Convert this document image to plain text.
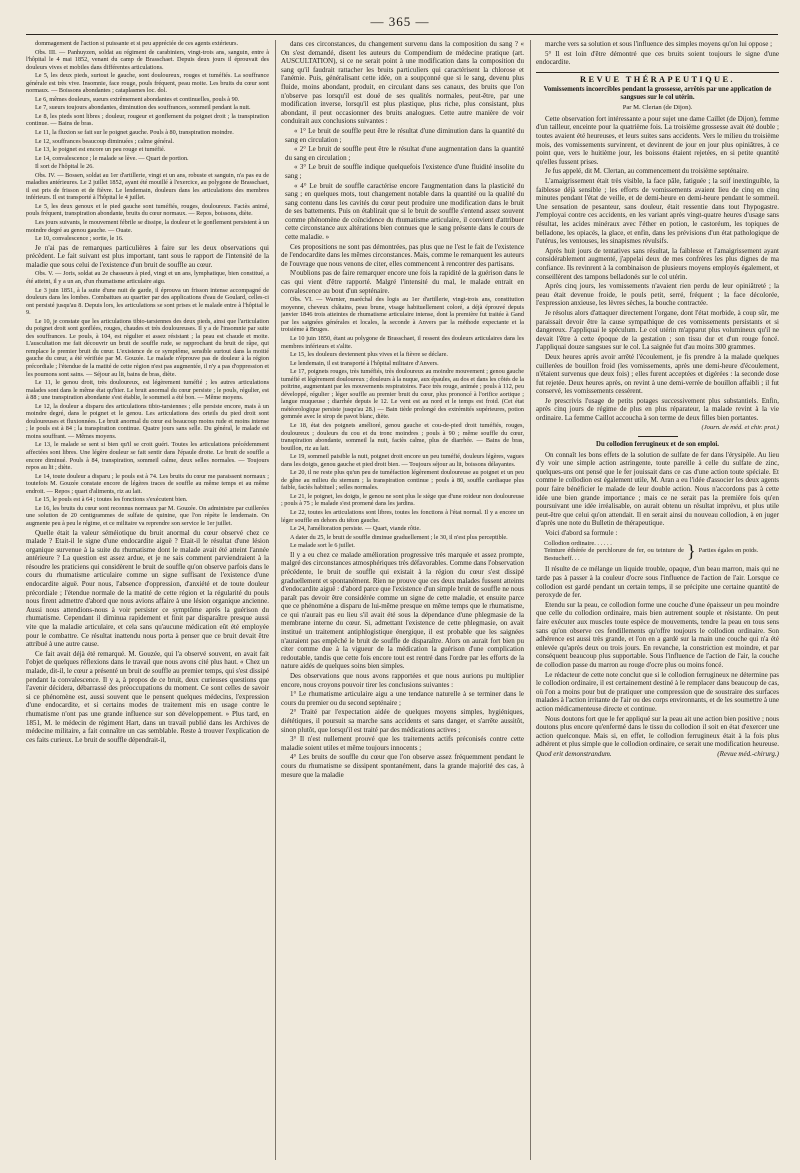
— 365 —

dommagement de l'action si puissante et si peu appréciée de ces agents extérieurs.

Obs. III. — Panhuyzen, soldat au régiment de carabiniers, vingt-trois ans, sanguin, entre à l'hôpital le 4 mai 1852, venant du camp de Brasschaet. Depuis deux jours il éprouvait des douleurs vives et mobiles dans différentes articulations.

Le 5, les deux pieds, surtout le gauche, sont douloureux, rouges et tuméfiés. La souffrance générale est très vive. Insomnie, face rouge, pouls fréquent, peau moite. Les bruits du cœur sont normaux. — Boissons abondantes ; cataplasmes loc. dol.

Le 6, mêmes douleurs, sueurs extrêmement abondantes et continuelles, pouls à 90.

Le 7, sueurs toujours abondantes, diminution des souffrances, sommeil pendant la nuit.

Le 8, les pieds sont libres ; douleur, rougeur et gonflement du poignet droit ; la transpiration continue. — Bains de bras.

Le 11, la fluxion se fait sur le poignet gauche. Pouls à 80, transpiration moindre.

Le 12, souffrances beaucoup diminuées ; calme général.

Le 13, le poignet est encore un peu rouge et tuméfié.

Le 14, convalescence ; le malade se lève. — Quart de portion.

Il sort de l'hôpital le 26.

Obs. IV. — Bossen, soldat au 1er d'artillerie, vingt et un ans, robuste et sanguin, n'a pas eu de maladies antérieures. Le 2 juillet 1852, ayant été mouillé à l'exercice, au polygone de Brasschaet, il est pris de frisson et de fièvre. Le lendemain, douleurs dans les articulations des membres inférieurs. Il est transporté à l'hôpital le 4 juillet.

Le 5, les deux genoux et le pied gauche sont tuméfiés, rouges, douloureux. Faciès animé, pouls fréquent, transpiration abondante, bruits du cœur normaux. — Repos, boissons, diète.

Les jours suivants, le mouvement fébrile se dissipe, la douleur et le gonflement persistent à un moindre degré au genou gauche. — Ouate.

Le 10, convalescence ; sortie, le 16.

Je n'ai pas de remarques particulières à faire sur les deux observations qui précèdent. Le fait suivant est plus important, tant sous le rapport de l'intensité de la maladie que sous celui de l'existence d'un bruit de souffle au cœur.

Obs. V. — Joris, soldat au 2e chasseurs à pied, vingt et un ans, lymphatique, bien constitué, a été atteint, il y a un an, d'un rhumatisme articulaire aigu.

Le 3 juin 1851, à la suite d'une nuit de garde, il éprouva un frisson intense accompagné de douleurs dans les lombes. Combattues au quartier par des applications d'eau de Goulard, celles-ci ont persisté jusqu'au 8. Depuis lors, les articulations se sont prises et le malade entre à l'hôpital le 9.

Le 10, je constate que les articulations tibio-tarsiennes des deux pieds, ainsi que l'articulation du poignet droit sont gonflées, rouges, chaudes et très douloureuses. Il y a de l'insomnie par suite des souffrances. Le pouls, à 104, est régulier et assez résistant ; la peau est chaude et moite. L'auscultation me fait découvrir un bruit de souffle rude, se rapprochant du bruit de râpe, qui remplace le premier bruit du cœur. L'existence de ce symptôme, sensible surtout dans la moitié gauche du cœur, a été vérifiée par M. Gouzée. Le malade n'éprouve pas de douleur à la région précordiale ; l'étendue de la matité de cette région n'est pas augmentée, il n'y a pas d'oppression et les poumons sont sains. — Séjour au lit, bains de bras, diète.

Le 11, le genou droit, très douloureux, est légèrement tuméfié ; les autres articulations malades sont dans le même état qu'hier. Le bruit anormal du cœur persiste ; le pouls, régulier, est à 88 ; une transpiration abondante s'est établie, le sommeil a été bon. — Même moyens.

Le 12, la douleur a disparu des articulations tibio-tarsiennes ; elle persiste encore, mais à un moindre degré, dans le poignet et le genou. Les articulations des orteils du pied droit sont douloureuses et fluxionnées. Le bruit anormal du cœur est beaucoup moins rude et moins intense ; le pouls est à 84 ; la transpiration continue. Quatre jours sans selle. Du général, le malade est moins souffrant. — Mêmes moyens.

Le 13, le malade se sent si bien qu'il se croit guéri. Toutes les articulations précédemment affectées sont libres. Une légère douleur se fait sentir dans l'épaule droite. Le bruit de souffle a encore diminué. Pouls à 84, transpiration, sommeil calme, deux selles normales. — Toujours repos au lit ; diète.

Le 14, toute douleur a disparu ; le pouls est à 74. Les bruits du cœur me paraissent normaux ; toutefois M. Gouzée constate encore de légères traces de souffle au même temps et au même endroit. — Repos ; quart d'aliments, riz au lait.

Le 15, le pouls est à 64 ; toutes les fonctions s'exécutent bien.

Le 16, les bruits du cœur sont reconnus normaux par M. Gouzée. On administre par cuillerées une solution de 20 centigrammes de sulfate de quinine, que l'on répète le lendemain. On augmente peu à peu le régime, et ce militaire va reprendre son service le 1er juillet.

Quelle était la valeur séméiotique du bruit anormal du cœur observé chez ce malade ? Etait-il le signe d'une endocardite aiguë ? Etait-il le résultat d'une lésion organique survenue à la suite du rhumatisme dont le malade avait été atteint l'année antérieure ? La question est assez ardue, et je ne sais comment parviendraient à la résoudre les praticiens qui considèrent le bruit de souffle qu'on observe parfois dans le cours du rhumatisme articulaire comme un signe suffisant de l'existence d'une endocardite aiguë. Pour nous, l'absence d'oppression, d'anxiété et de toute douleur précordiale ; l'étendue normale de la matité de cette région et la régularité du pouls nous firent admettre d'abord que nous avions affaire à une lésion organique ancienne. Aussi nous attendions-nous à voir persister ce symptôme après la guérison du rhumatisme. Cependant il diminua rapidement et finit par disparaître presque aussi vite que la maladie articulaire, et cela sans qu'aucune médication eût été employée pour le combattre. Ce résultat inattendu nous porta à penser que ce bruit devait être attribué à une autre cause.

Ce fait avait déjà été remarqué. M. Gouzée, qui l'a observé souvent, en avait fait l'objet de quelques réflexions dans le travail que nous avons cité plus haut. « Chez un malade, dit-il, le cœur a présenté un bruit de souffle au premier temps, qui s'est dissipé pendant la convalescence. Il y a, à propos de ce bruit, deux curieuses questions que l'avenir décidera, débarrassé des préoccupations du moment. Ce sont celles de savoir si ce phénomène est, aussi souvent que le pensent quelques médecins, l'expression d'une endocardite, et si certains modes de traitement mis en usage contre le rhumatisme n'ont pas une grande influence sur son développement. » Plus tard, en 1851, M. le médecin de régiment Hart, dans un travail publié dans les Archives de médecine militaire, a fait connaître un cas semblable. Reste à trouver l'explication de ces faits curieux. Le bruit de souffle dépendrait-il,

dans ces circonstances, du changement survenu dans la composition du sang ? « On s'est demandé, disent les auteurs du Compendium de médecine pratique (art. AUSCULTATION), si ce ne serait point à une modification dans la composition du sang qu'il faudrait rattacher les bruits particuliers qui caractérisent la chlorose et l'anémie. Puis, généralisant cette idée, on a soupçonné que si le sang, devenu plus fluide, moins abondant, produit, en circulant dans ses canaux, des bruits que l'on n'observe pas lorsqu'il est doué de ses qualités normales, peut-être, par une modification inverse, lorsqu'il est plus plastique, plus riche, plus consistant, plus abondant, il peut occasionner des bruits analogues. Cette autre manière de voir conduirait aux conclusions suivantes :

« 1° Le bruit de souffle peut être le résultat d'une diminution dans la quantité du sang en circulation ;

« 2° Le bruit de souffle peut être le résultat d'une augmentation dans la quantité du sang en circulation ;

« 3° Le bruit de souffle indique quelquefois l'existence d'une fluidité insolite du sang ;

« 4° Le bruit de souffle caractérise encore l'augmentation dans la plasticité du sang ; en quelques mots, tout changement notable dans la quantité ou la qualité du sang contenu dans les cavités du cœur peut produire une modification dans le bruit de ses battements. Puis on établirait que si le bruit de souffle s'entend assez souvent comme phénomène de coïncidence du rhumatisme articulaire, il convient d'attribuer cette circonstance aux altérations bien connues que le sang présente dans le cours de cette maladie. »

Ces propositions ne sont pas démontrées, pas plus que ne l'est le fait de l'existence de l'endocardite dans les mêmes circonstances. Mais, comme le remarquent les auteurs de l'ouvrage que nous venons de citer, elles commencent à rencontrer des partisans.

N'oublions pas de faire remarquer encore une fois la rapidité de la guérison dans le cas qui vient d'être rapporté. Malgré l'intensité du mal, le malade entrait en convalescence au bout d'un septénaire.

Obs. VI. — Warnier, maréchal des logis au 1er d'artillerie, vingt-trois ans, constitution moyenne, cheveux châtains, peau brune, visage habituellement coloré, a déjà éprouvé depuis janvier 1846 trois atteintes de rhumatisme articulaire intense, dont la première fut traitée à Gand par les saignées générales et locales, la seconde à Anvers par la méthode expectante et la troisième à Bruges.

Le 10 juin 1850, étant au polygone de Brasschaet, il ressent des douleurs articulaires dans les membres inférieurs et s'alite.

Le 15, les douleurs deviennent plus vives et la fièvre se déclare.

Le lendemain, il est transporté à l'hôpital militaire d'Anvers.

Le 17, poignets rouges, très tuméfiés, très douloureux au moindre mouvement ; genou gauche tuméfié et légèrement douloureux ; douleurs à la nuque, aux épaules, au dos et dans les côtés de la poitrine, augmentant par les mouvements respiratoires. Face très rouge, animée ; pouls à 112, peu développé, régulier ; léger souffle au premier bruit du cœur, plus prononcé à l'orifice aortique ; langue muqueuse ; diarrhée depuis le 12. Le vent est au nord et le temps est froid. (Cet état météorologique persiste jusqu'au 28.) — Bain tiède prolongé des extrémités supérieures, potion gommée avec le sirop de pavot blanc, diète.

Le 18, état des poignets amélioré, genou gauche et cou-de-pied droit tuméfiés, rouges, douloureux ; douleurs du cou et du tronc moindres ; pouls à 90 ; même souffle du cœur, transpiration abondante, sommeil la nuit, faciès calme, plus de diarrhée. — Bains de bras, bouillon, riz au lait.

Le 19, sommeil paisible la nuit, poignet droit encore un peu tuméfié, douleurs légères, vagues dans les doigts, genou gauche et pied droit bien. — Toujours séjour au lit, boissons délayantes.

Le 20, il ne reste plus qu'un peu de tuméfaction légèrement douloureuse au poignet et un peu de gêne au milieu du sternum ; la transpiration continue ; pouls à 80, souffle cardiaque plus faible, faciès habituel ; selles normales.

Le 21, le poignet, les doigts, le genou ne sont plus le siège que d'une roideur non douloureuse ; pouls à 75 ; le malade s'est promené dans les jardins.

Le 22, toutes les articulations sont libres, toutes les fonctions à l'état normal. Il y a encore un léger souffle en dehors du téton gauche.

Le 24, l'amélioration persiste. — Quart, viande rôtie.

A dater du 25, le bruit de souffle diminue graduellement ; le 30, il n'est plus perceptible.

Le malade sort le 6 juillet.

Il y a eu chez ce malade amélioration progressive très marquée et assez prompte, malgré des circonstances atmosphériques très défavorables. Comme dans l'observation précédente, le bruit de souffle qui existait à la région du cœur s'est dissipé graduellement et spontanément. Rien ne prouve que ces deux malades fussent atteints d'endocardite aiguë : d'abord parce que l'existence d'un simple bruit de souffle ne nous paraît pas devoir être considérée comme un signe de cette maladie, et ensuite parce que ce phénomène a disparu de lui-même presque en même temps que le rhumatisme, ce qui n'aurait pas eu lieu s'il avait été sous la dépendance d'une phlegmasie de la membrane interne du cœur. Si, admettant l'existence de cette phlegmasie, on avait institué un traitement antiphlogistique énergique, il est probable que les saignées n'auraient pas empêché le bruit de souffle de disparaître. Alors on aurait fort bien pu citer comme due à la vigueur de la médication la guérison d'une complication redoutable, tandis que cette fois encore tout est rentré dans l'ordre par les efforts de la nature aidés de quelques soins bien simples.

Des observations que nous avons rapportées et que nous aurions pu multiplier encore, nous croyons pouvoir tirer les conclusions suivantes :

1° Le rhumatisme articulaire aigu a une tendance naturelle à se terminer dans le cours du premier ou du second septénaire ;

2° Traité par l'expectation aidée de quelques moyens simples, hygiéniques, diététiques, il poursuit sa marche sans accidents et sans danger, et s'arrête aussitôt, sinon plutôt, que lorsqu'il est traité par des médications actives ;

3° Il n'est nullement prouvé que les traitements actifs préconisés contre cette maladie soient utiles et même toujours innocents ;

4° Les bruits de souffle du cœur que l'on observe assez fréquemment pendant le cours du rhumatisme se dissipent spontanément, dans la grande majorité des cas, à mesure que la maladie

marche vers sa solution et sous l'influence des simples moyens qu'on lui oppose ;

5° Il est loin d'être démontré que ces bruits soient toujours le signe d'une endocardite.

REVUE THÉRAPEUTIQUE.
Vomissements incoercibles pendant la grossesse, arrêtés par une application de sangsues sur le col utérin.
Par M. Clertan (de Dijon).

Cette observation fort intéressante a pour sujet une dame Caillet (de Dijon), femme d'un tailleur, enceinte pour la quatrième fois. La troisième grossesse avait été double ; toutes avaient été heureuses, et leurs suites sans accidents. Vers le milieu du troisième mois, des vomissements survinrent, et devinrent de jour en jour plus opiniâtres, à ce point que, vers le huitième jour, les boissons étaient rejetées, en si petite quantité qu'elles fussent prises.

Je fus appelé, dit M. Clertan, au commencement du troisième septénaire.

L'amaigrissement était très visible, la face pâle, fatiguée ; la soif inextinguible, la faiblesse déjà sensible ; les efforts de vomissements avaient lieu de cinq en cinq minutes pendant l'état de veille, et de demi-heure en demi-heure pendant le sommeil. Une sensation de pesanteur, sans douleur, était ressentie dans tout l'hypogastre. J'employai contre ces accidents, en les variant après vingt-quatre heures d'usage sans résultat, les acides minéraux avec l'éther en potion, le castoréum, les topiques de belladone, les opiacés, la glace, et enfin, dans les prévisions d'un état pathologique de l'utérus, les ventouses, les sinapismes révulsifs.

Après huit jours de tentatives sans résultat, la faiblesse et l'amaigrissement ayant considérablement augmenté, j'appelai deux de mes confrères les plus dignes de ma confiance. Ils revinrent à la combinaison de plusieurs moyens employés également, et conseillèrent des tampons belladonés sur le col utérin.

Après cinq jours, les vomissements n'avaient rien perdu de leur opiniâtreté ; la peau était devenue froide, le pouls petit, serré, fréquent ; la face décolorée, l'expression anxieuse, les lèvres sèches, la bouche contractée.

Je résolus alors d'attaquer directement l'organe, dont l'état morbide, à coup sûr, me paraissait devoir être la cause sympathique de ces vomissements persistants et si dangereux. J'appliquai le spéculum. Le col utérin m'apparut plus volumineux qu'il ne devait l'être à cette époque de la gestation ; son tissu dur et d'un rouge foncé. J'appliquai douze sangsues sur le col. La saignée fut d'au moins 300 grammes.

Deux heures après avoir arrêté l'écoulement, je fis prendre à la malade quelques cuillerées de bouillon froid (les vomissements, après une demi-heure d'écoulement, n'étaient survenus que deux fois) ; elles furent acceptées et digérées : la seconde dose fut rejetée. Deux heures après, on revint à une demi-verrée de bouillon affaibli ; il fut conservé, les vomissements cessèrent.

Je prescrivis l'usage de petits potages successivement plus substantiels. Enfin, après cinq jours de régime de plus en plus réparateur, la malade revint à la vie ordinaire. La femme Caillot accoucha à son terme de deux filles bien portantes.

(Journ. de méd. et chir. prat.)
Du collodion ferrugineux et de son emploi.

On connaît les bons effets de la solution de sulfate de fer dans l'érysipèle. Au lieu d'y voir une simple action astringente, toute pareille à celle du sulfate de zinc, quelques-uns ont pensé que le fer jouissait dans ce cas d'une action toute spéciale. Et comme le collodion est également utile, M. Aran a eu l'idée d'associer les deux agents pour faire bénéficier le malade de leur double action. Nous n'accordons pas à cette idée une bien grande importance ; mais ce ne serait pas la première fois qu'en poursuivant une idée irréalisable, on aurait obtenu un résultat imprévu, et plus utile peut-être que celui qu'on attendait. Il en serait ainsi du nouveau collodion, à en juger d'après une note du Bulletin de thérapeutique.

Voici d'abord sa formule :

Collodion ordinaire. . . . . .
Teinture éthérée de perchlorure de fer, ou teinture de Bestucheff. . .	} Parties égales en poids.

Il résulte de ce mélange un liquide trouble, opaque, d'un beau marron, mais qui ne tarde pas à passer à la couleur d'ocre sous l'influence de l'action de l'air. Lorsque ce collodion est gardé pendant un certain temps, il se précipite une certaine quantité de peroxyde de fer.

Etendu sur la peau, ce collodion forme une couche d'une épaisseur un peu moindre que celle du collodion ordinaire, mais bien autrement souple et résistante. On peut faire exécuter aux muscles toute espèce de mouvements, tendre la peau en tous sens sans qu'on observe ces fendillements qu'offre toujours le collodion ordinaire. Son adhérence est aussi très grande, et l'on en a gardé sur la main une couche qui n'a été enlevée qu'après deux ou trois jours. En revanche, la constriction est moindre, et par conséquent beaucoup plus supportable. Sous l'influence de l'action de l'air, la couche de collodion passe du marron au rouge d'ocre plus ou moins foncé.

Le rédacteur de cette note conclut que si le collodion ferrugineux ne détermine pas le collodion ordinaire, il est certainement destiné à le remplacer dans beaucoup de cas, où l'on a moins pour but de pratiquer une compression que de soustraire des surfaces malades à l'action irritante de l'air ou des corps environnants, et de les soumettre à une action médicamenteuse directe et continue.

Nous doutons fort que le fer appliqué sur la peau ait une action bien positive ; nous doutons plus encore qu'enfermé dans le tissu du collodion il soit en état d'exercer une action quelconque. Mais si, en effet, le collodion ferrugineux était à la fois plus adhérent et plus simple que le collodion ordinaire, ce serait une modification heureuse.

Quod erit demonstrandum.	(Revue méd.-chirurg.)
